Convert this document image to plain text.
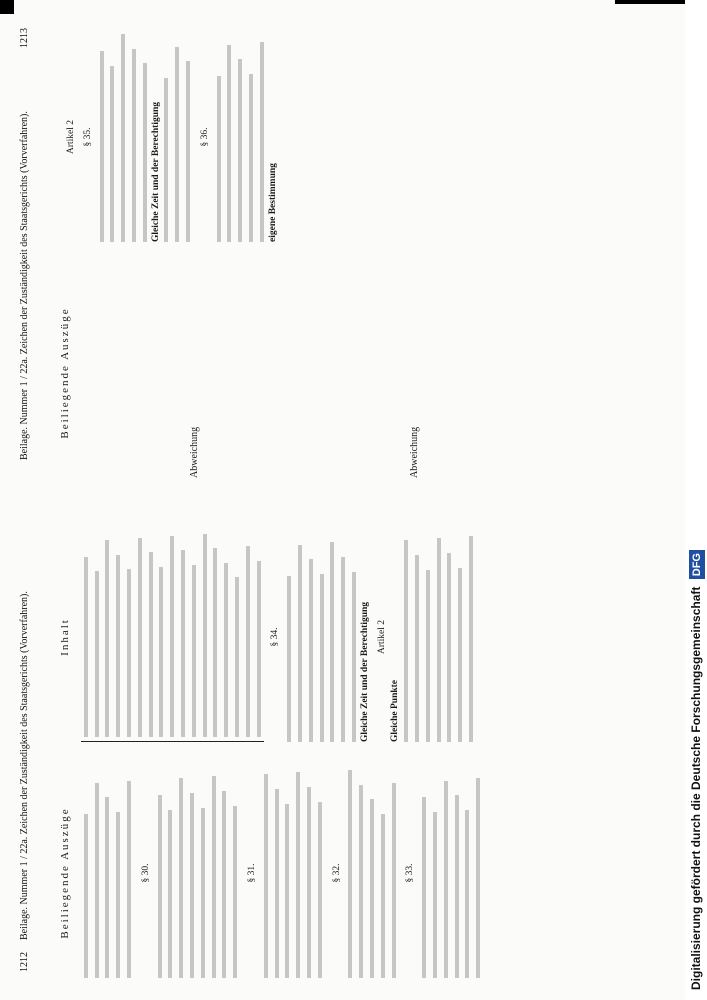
1212
Beilage. Nummer 1 / 22a. Zeichen der Zuständigkeit des Staatsgerichts (Vorverfahren).	Beiliegende Auszüge	§ 30.	§ 31.	§ 32.	§ 33.

Inhalt	§ 34.	Gleiche Zeit und der Berechtigung Artikel 2

Gleiche Punkte

Beilage. Nummer 1 / 22a. Zeichen der Zuständigkeit des Staatsgerichts (Vorverfahren).
1213
Beiliegende Auszüge
Abweichung	Abweichung
Artikel 2 § 35.	Gleiche Zeit und der Berechtigung	§ 36.

eigene Bestimmung

Digitalisierung gefördert durch die Deutsche Forschungsgemeinschaft DFG
